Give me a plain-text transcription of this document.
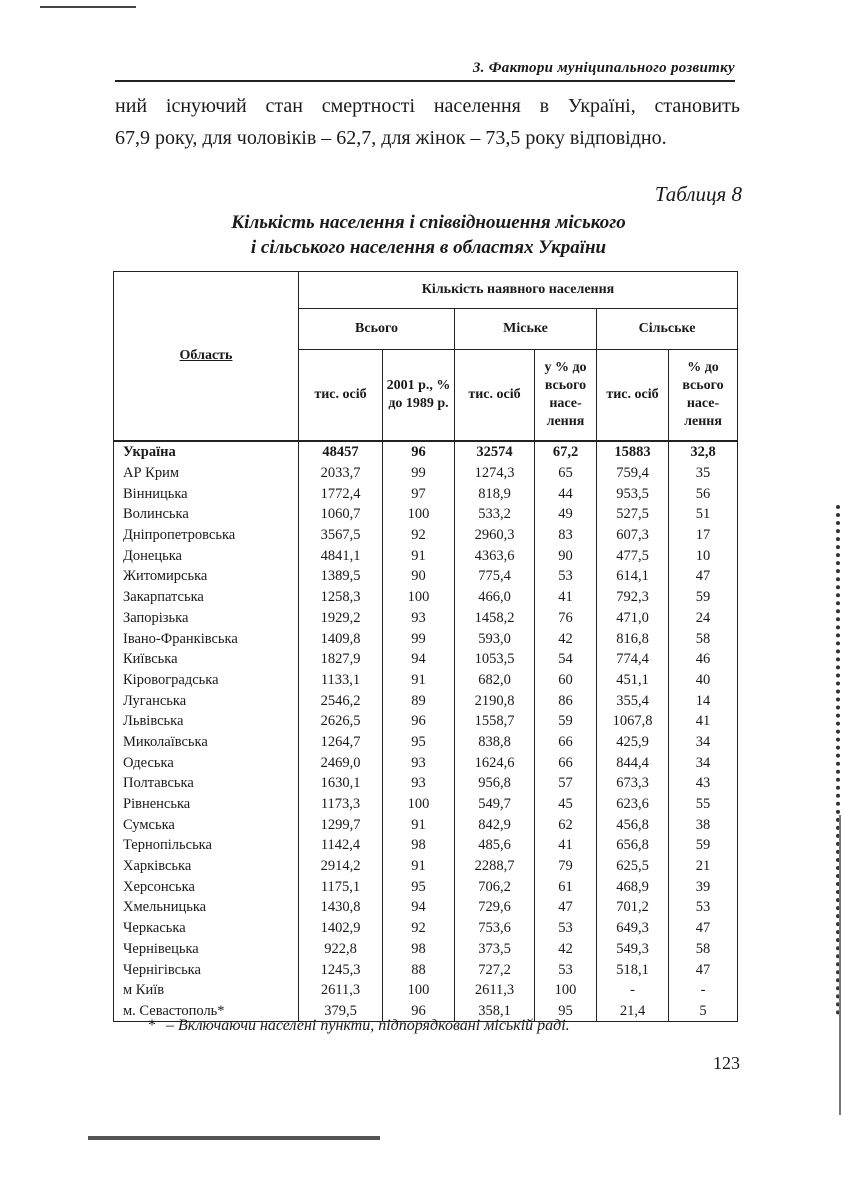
3. Фактори муніципального розвитку

ний існуючий стан смертності населення в Україні, становить

67,9 року, для чоловіків – 62,7, для жінок – 73,5 року відповідно.

Таблиця 8
Кількість населення і співвідношення міського
і сільського населення в областях України
Область	Кількість наявного населення					
	Всього		Міське		Сільське	
	тис. осіб	2001 р., % до 1989 р.	тис. осіб	у % до всього насе- лення	тис. осіб	% до всього насе- лення
Україна	48457	96	32574	67,2	15883	32,8
АР Крим	2033,7	99	1274,3	65	759,4	35
Вінницька	1772,4	97	818,9	44	953,5	56
Волинська	1060,7	100	533,2	49	527,5	51
Дніпропетровська	3567,5	92	2960,3	83	607,3	17
Донецька	4841,1	91	4363,6	90	477,5	10
Житомирська	1389,5	90	775,4	53	614,1	47
Закарпатська	1258,3	100	466,0	41	792,3	59
Запорізька	1929,2	93	1458,2	76	471,0	24
Івано-Франківська	1409,8	99	593,0	42	816,8	58
Київська	1827,9	94	1053,5	54	774,4	46
Кіровоградська	1133,1	91	682,0	60	451,1	40
Луганська	2546,2	89	2190,8	86	355,4	14
Львівська	2626,5	96	1558,7	59	1067,8	41
Миколаївська	1264,7	95	838,8	66	425,9	34
Одеська	2469,0	93	1624,6	66	844,4	34
Полтавська	1630,1	93	956,8	57	673,3	43
Рівненська	1173,3	100	549,7	45	623,6	55
Сумська	1299,7	91	842,9	62	456,8	38
Тернопільська	1142,4	98	485,6	41	656,8	59
Харківська	2914,2	91	2288,7	79	625,5	21
Херсонська	1175,1	95	706,2	61	468,9	39
Хмельницька	1430,8	94	729,6	47	701,2	53
Черкаська	1402,9	92	753,6	53	649,3	47
Чернівецька	922,8	98	373,5	42	549,3	58
Чернігівська	1245,3	88	727,2	53	518,1	47
м Київ	2611,3	100	2611,3	100	-	-
м. Севастополь*	379,5	96	358,1	95	21,4	5
* – Включаючи населені пункти, підпорядковані міській раді.
123
